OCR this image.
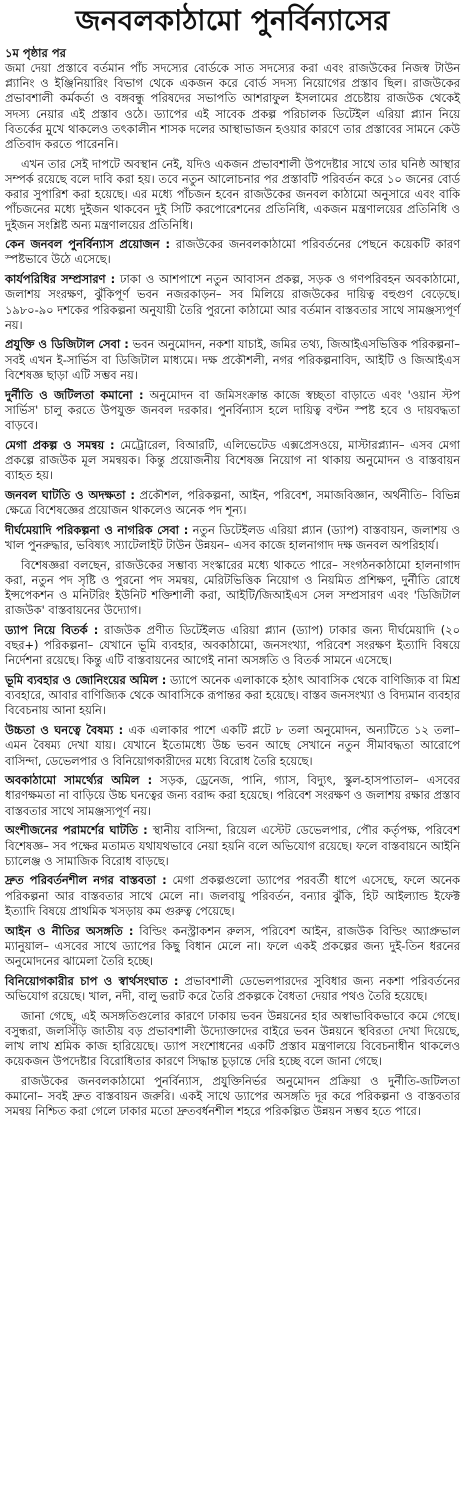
জনবলকাঠামো পুনর্বিন্যাসের

১ম পৃষ্ঠার পর

জমা দেয়া প্রস্তাবে বর্তমান পাঁচ সদস্যের বোর্ডকে সাত সদস্যের করা এবং রাজউকের নিজস্ব টাউন প্ল্যানিং ও ইঞ্জিনিয়ারিং বিভাগ থেকে একজন করে বোর্ড সদস্য নিয়োগের প্রস্তাব ছিল। রাজউকের প্রভাবশালী কর্মকর্তা ও বঙ্গবন্ধু পরিষদের সভাপতি আশরাফুল ইসলামের প্রচেষ্টায় রাজউক থেকেই সদস্য নেয়ার এই প্রস্তাব ওঠে। ড্যাপের এই সাবেক প্রকল্প পরিচালক ডিটেইল এরিয়া প্ল্যান নিয়ে বিতর্কের মুখে থাকলেও তৎকালীন শাসক দলের আস্থাভাজন হওয়ার কারণে তার প্রস্তাবের সামনে কেউ প্রতিবাদ করতে পারেননি।

এখন তার সেই দাপটে অবস্থান নেই, যদিও একজন প্রভাবশালী উপদেষ্টার সাথে তার ঘনিষ্ঠ আস্থার সম্পর্ক রয়েছে বলে দাবি করা হয়। তবে নতুন আলোচনার পর প্রস্তাবটি পরিবর্তন করে ১০ জনের বোর্ড করার সুপারিশ করা হয়েছে। এর মধ্যে পাঁচজন হবেন রাজউকের জনবল কাঠামো অনুসারে এবং বাকি পাঁচজনের মধ্যে দুইজন থাকবেন দুই সিটি করপোরেশনের প্রতিনিধি, একজন মন্ত্রণালয়ের প্রতিনিধি ও দুইজন সংশ্লিষ্ট অন্য মন্ত্রণালয়ের প্রতিনিধি।

কেন জনবল পুনর্বিন্যাস প্রয়োজন : রাজউকের জনবলকাঠামো পরিবর্তনের পেছনে কয়েকটি কারণ স্পষ্টভাবে উঠে এসেছে।

কার্যপরিধির সম্প্রসারণ : ঢাকা ও আশপাশে নতুন আবাসন প্রকল্প, সড়ক ও গণপরিবহন অবকাঠামো, জলাশয় সংরক্ষণ, ঝুঁকিপূর্ণ ভবন নজরকাড়ন– সব মিলিয়ে রাজউকের দায়িত্ব বহুগুণ বেড়েছে। ১৯৮০-৯০ দশকের পরিকল্পনা অনুযায়ী তৈরি পুরনো কাঠামো আর বর্তমান বাস্তবতার সাথে সামঞ্জস্যপূর্ণ নয়।

প্রযুক্তি ও ডিজিটাল সেবা : ভবন অনুমোদন, নকশা যাচাই, জমির তথ্য, জিআইএসভিত্তিক পরিকল্পনা– সবই এখন ই-সার্ভিস বা ডিজিটাল মাধ্যমে। দক্ষ প্রকৌশলী, নগর পরিকল্পনাবিদ, আইটি ও জিআইএস বিশেষজ্ঞ ছাড়া এটি সম্ভব নয়।

দুর্নীতি ও জটিলতা কমানো : অনুমোদন বা জমিসংক্রান্ত কাজে স্বচ্ছতা বাড়াতে এবং 'ওয়ান স্টপ সার্ভিস' চালু করতে উপযুক্ত জনবল দরকার। পুনর্বিন্যাস হলে দায়িত্ব বণ্টন স্পষ্ট হবে ও দায়বদ্ধতা বাড়বে।

মেগা প্রকল্প ও সমন্বয় : মেট্রোরেল, বিআরটি, এলিভেটেড এক্সপ্রেসওয়ে, মাস্টারপ্ল্যান– এসব মেগা প্রকল্পে রাজউক মূল সমন্বয়ক। কিন্তু প্রয়োজনীয় বিশেষজ্ঞ নিয়োগ না থাকায় অনুমোদন ও বাস্তবায়ন ব্যাহত হয়।

জনবল ঘাটতি ও অদক্ষতা : প্রকৌশল, পরিকল্পনা, আইন, পরিবেশ, সমাজবিজ্ঞান, অর্থনীতি– বিভিন্ন ক্ষেত্রে বিশেষজ্ঞের প্রয়োজন থাকলেও অনেক পদ শূন্য।

দীর্ঘমেয়াদি পরিকল্পনা ও নাগরিক সেবা : নতুন ডিটেইলড এরিয়া প্ল্যান (ড্যাপ) বাস্তবায়ন, জলাশয় ও খাল পুনরুদ্ধার, ভবিষ্যৎ স্যাটেলাইট টাউন উন্নয়ন– এসব কাজে হালনাগাদ দক্ষ জনবল অপরিহার্য।

বিশেষজ্ঞরা বলছেন, রাজউকের সম্ভাব্য সংস্কারের মধ্যে থাকতে পারে– সংগঠনকাঠামো হালনাগাদ করা, নতুন পদ সৃষ্টি ও পুরনো পদ সমন্বয়, মেরিটভিত্তিক নিয়োগ ও নিয়মিত প্রশিক্ষণ, দুর্নীতি রোধে ইন্সপেকশন ও মনিটরিং ইউনিট শক্তিশালী করা, আইটি/জিআইএস সেল সম্প্রসারণ এবং 'ডিজিটাল রাজউক' বাস্তবায়নের উদ্যোগ।

ড্যাপ নিয়ে বিতর্ক : রাজউক প্রণীত ডিটেইলড এরিয়া প্ল্যান (ড্যাপ) ঢাকার জন্য দীর্ঘমেয়াদি (২০ বছর+) পরিকল্পনা– যেখানে ভূমি ব্যবহার, অবকাঠামো, জনসংখ্যা, পরিবেশ সংরক্ষণ ইত্যাদি বিষয়ে নির্দেশনা রয়েছে। কিন্তু এটি বাস্তবায়নের আগেই নানা অসঙ্গতি ও বিতর্ক সামনে এসেছে।

ভূমি ব্যবহার ও জোনিংয়ের অমিল : ড্যাপে অনেক এলাকাকে হঠাৎ আবাসিক থেকে বাণিজ্যিক বা মিশ্র ব্যবহারে, আবার বাণিজ্যিক থেকে আবাসিকে রূপান্তর করা হয়েছে। বাস্তব জনসংখ্যা ও বিদ্যমান ব্যবহার বিবেচনায় আনা হয়নি।

উচ্চতা ও ঘনত্বে বৈষম্য : এক এলাকার পাশে একটি প্লটে ৮ তলা অনুমোদন, অন্যটিতে ১২ তলা– এমন বৈষম্য দেখা যায়। যেখানে ইতোমধ্যে উচ্চ ভবন আছে সেখানে নতুন সীমাবদ্ধতা আরোপে বাসিন্দা, ডেভেলপার ও বিনিয়োগকারীদের মধ্যে বিরোধ তৈরি হয়েছে।

অবকাঠামো সামর্থ্যের অমিল : সড়ক, ড্রেনেজ, পানি, গ্যাস, বিদ্যুৎ, স্কুল-হাসপাতাল– এসবের ধারণক্ষমতা না বাড়িয়ে উচ্চ ঘনত্বের জন্য বরাদ্দ করা হয়েছে। পরিবেশ সংরক্ষণ ও জলাশয় রক্ষার প্রস্তাব বাস্তবতার সাথে সামঞ্জস্যপূর্ণ নয়।

অংশীজনের পরামর্শের ঘাটতি : স্থানীয় বাসিন্দা, রিয়েল এস্টেট ডেভেলপার, পৌর কর্তৃপক্ষ, পরিবেশ বিশেষজ্ঞ– সব পক্ষের মতামত যথাযথভাবে নেয়া হয়নি বলে অভিযোগ রয়েছে। ফলে বাস্তবায়নে আইনি চ্যালেঞ্জ ও সামাজিক বিরোধ বাড়ছে।

দ্রুত পরিবর্তনশীল নগর বাস্তবতা : মেগা প্রকল্পগুলো ড্যাপের পরবর্তী ধাপে এসেছে, ফলে অনেক পরিকল্পনা আর বাস্তবতার সাথে মেলে না। জলবায়ু পরিবর্তন, বন্যার ঝুঁকি, হিট আইল্যান্ড ইফেক্ট ইত্যাদি বিষয়ে প্রাথমিক খসড়ায় কম গুরুত্ব পেয়েছে।

আইন ও নীতির অসঙ্গতি : বিল্ডিং কনস্ট্রাকশন রুলস, পরিবেশ আইন, রাজউক বিল্ডিং অ্যাপ্রুভাল ম্যানুয়াল– এসবের সাথে ড্যাপের কিছু বিধান মেলে না। ফলে একই প্রকল্পের জন্য দুই-তিন ধরনের অনুমোদনের ঝামেলা তৈরি হচ্ছে।

বিনিয়োগকারীর চাপ ও স্বার্থসংঘাত : প্রভাবশালী ডেভেলপারদের সুবিধার জন্য নকশা পরিবর্তনের অভিযোগ রয়েছে। খাল, নদী, বালু ভরাট করে তৈরি প্রকল্পকে বৈধতা দেয়ার পথও তৈরি হয়েছে।

জানা গেছে, এই অসঙ্গতিগুলোর কারণে ঢাকায় ভবন উন্নয়নের হার অস্বাভাবিকভাবে কমে গেছে। বসুন্ধরা, জলসিঁড়ি জাতীয় বড় প্রভাবশালী উদ্যোক্তাদের বাইরে ভবন উন্নয়নে স্থবিরতা দেখা দিয়েছে, লাখ লাখ শ্রমিক কাজ হারিয়েছে। ড্যাপ সংশোধনের একটি প্রস্তাব মন্ত্রণালয়ে বিবেচনাধীন থাকলেও কয়েকজন উপদেষ্টার বিরোধিতার কারণে সিদ্ধান্ত চূড়ান্তে দেরি হচ্ছে বলে জানা গেছে।

রাজউকের জনবলকাঠামো পুনর্বিন্যাস, প্রযুক্তিনির্ভর অনুমোদন প্রক্রিয়া ও দুর্নীতি-জটিলতা কমানো– সবই দ্রুত বাস্তবায়ন জরুরি। একই সাথে ড্যাপের অসঙ্গতি দূর করে পরিকল্পনা ও বাস্তবতার সমন্বয় নিশ্চিত করা গেলে ঢাকার মতো দ্রুতবর্ধনশীল শহরে পরিকল্পিত উন্নয়ন সম্ভব হতে পারে।
